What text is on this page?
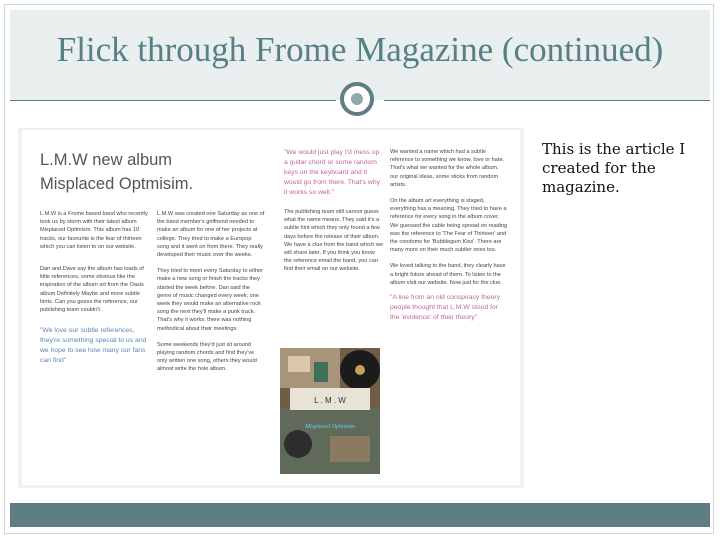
Flick through Frome Magazine (continued)
L.M.W new album
Misplaced Optmisim.

L.M.W is a Frome based band who recently took us by storm with their latest album Misplaced Optimism. This album has 10 tracks, our favourite is the fear of thirteen which you can listen to on our website.

Dan and Dave say the album has loads of little references, some obvious like the inspiration of the album art from the Oasis album Definitely Maybe and more subtle hints. Can you guess the reference, our publishing team couldn't.

"We love our subtle references, they're something special to us and we hope to see how many our fans can find"

L.M.W was created one Saturday as one of the band member's girlfriend needed to make an album for one of her projects at college. They tried to make a Europop song and it went on from there. They really developed their music over the weeks.

They tried to meet every Saturday to either make a new song or finish the tracks they started the week before. Dan said the genre of music changed every week; one week they would make an alternative rock song the next they'll make a punk track. That's why it works; there was nothing methodical about their meetings.

Some weekends they'd just sit around playing random chords and find they've only written one song, others they would almost write the hole album.

"We would just play I'd mess up a guitar chord or some random keys on the keyboard and it would go from there. That's why it works so well."

The publishing team still cannot guess what the name means. They said it's a subtle hint which they only found a few days before the release of their album. We have a clue from the band which we will share later. If you think you know the reference email the band, you can find their email on our website.

L . M . W
Misplaced Optmisim

We wanted a name which had a subtle reference to something we know, love or hate. That's what we wanted for the whole album, our original ideas, some sticks from random artists.

On the album art everything is staged, everything has a meaning. They tried to have a reference for every song in the album cover. We guessed the cable being spread on reading was the reference to 'The Fear of Thirteen' and the condoms for 'Bubblegum Kiss'. There are many more on their much subtler ones too.

We loved talking to the band, they clearly have a bright future ahead of them. To listen to the album visit our website. Now just for the clue.

"A line from an old conspiracy theory people thought that L.M.W stood for the 'evidence' of their theory"

This is the article I created for the magazine.
